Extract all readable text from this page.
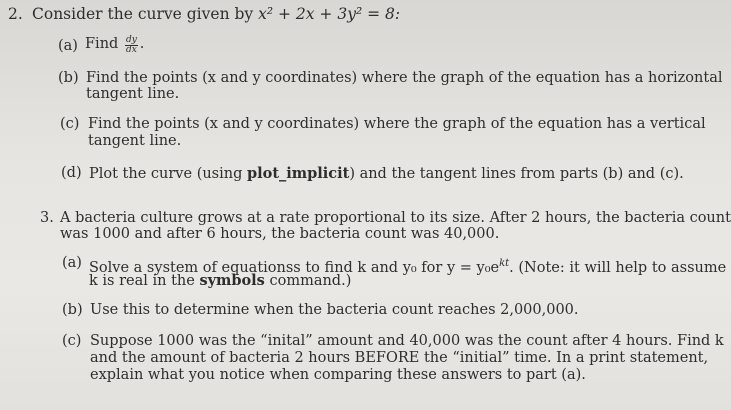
2. Consider the curve given by x² + 2x + 3y² = 8:
(a) Find $\frac{dy}{dx}$ .
(b) Find the points (x and y coordinates) where the graph of the equation has a horizontal
tangent line.
(c) Find the points (x and y coordinates) where the graph of the equation has a vertical
tangent line.
(d) Plot the curve (using plot_implicit) and the tangent lines from parts (b) and (c).
3. A bacteria culture grows at a rate proportional to its size. After 2 hours, the bacteria count
was 1000 and after 6 hours, the bacteria count was 40,000.
(a) Solve a system of equationss to find k and y₀ for $y = y_0e^{kt}$. (Note: it will help to assume
k is real in the symbols command.)
(b) Use this to determine when the bacteria count reaches 2,000,000.
(c) Suppose 1000 was the “inital” amount and 40,000 was the count after 4 hours. Find k
and the amount of bacteria 2 hours BEFORE the “initial” time. In a print statement,
explain what you notice when comparing these answers to part (a).
